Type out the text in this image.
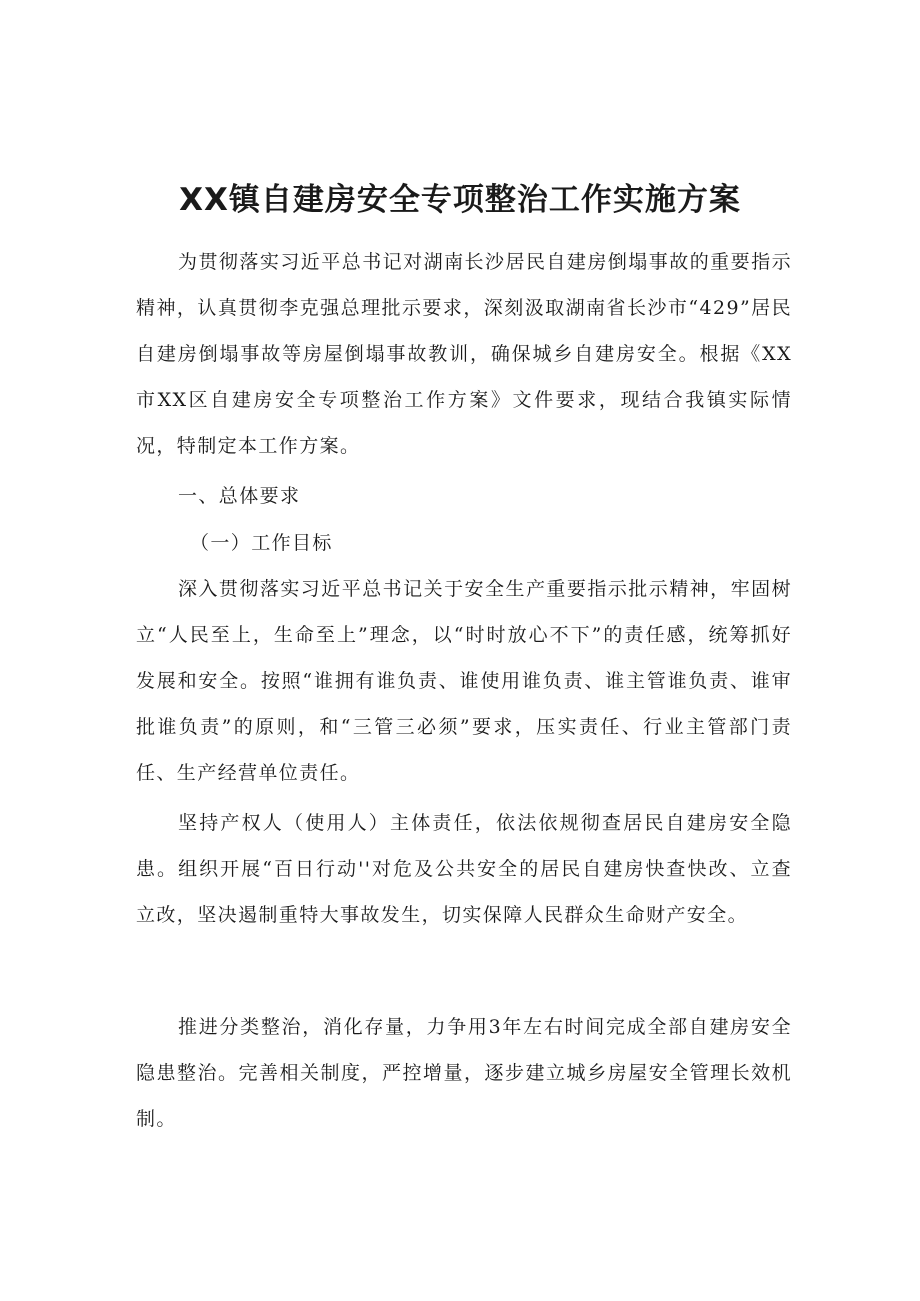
XX镇自建房安全专项整治工作实施方案

为贯彻落实习近平总书记对湖南长沙居民自建房倒塌事故的重要指示精神，认真贯彻李克强总理批示要求，深刻汲取湖南省长沙市“429”居民自建房倒塌事故等房屋倒塌事故教训，确保城乡自建房安全。根据《XX市XX区自建房安全专项整治工作方案》文件要求，现结合我镇实际情况，特制定本工作方案。

一、总体要求

（一）工作目标

深入贯彻落实习近平总书记关于安全生产重要指示批示精神，牢固树立“人民至上，生命至上”理念，以“时时放心不下”的责任感，统筹抓好发展和安全。按照“谁拥有谁负责、谁使用谁负责、谁主管谁负责、谁审批谁负责”的原则，和“三管三必须”要求，压实责任、行业主管部门责任、生产经营单位责任。

坚持产权人（使用人）主体责任，依法依规彻查居民自建房安全隐患。组织开展“百日行动''对危及公共安全的居民自建房快查快改、立查立改，坚决遏制重特大事故发生，切实保障人民群众生命财产安全。

推进分类整治，消化存量，力争用3年左右时间完成全部自建房安全隐患整治。完善相关制度，严控增量，逐步建立城乡房屋安全管理长效机制。
